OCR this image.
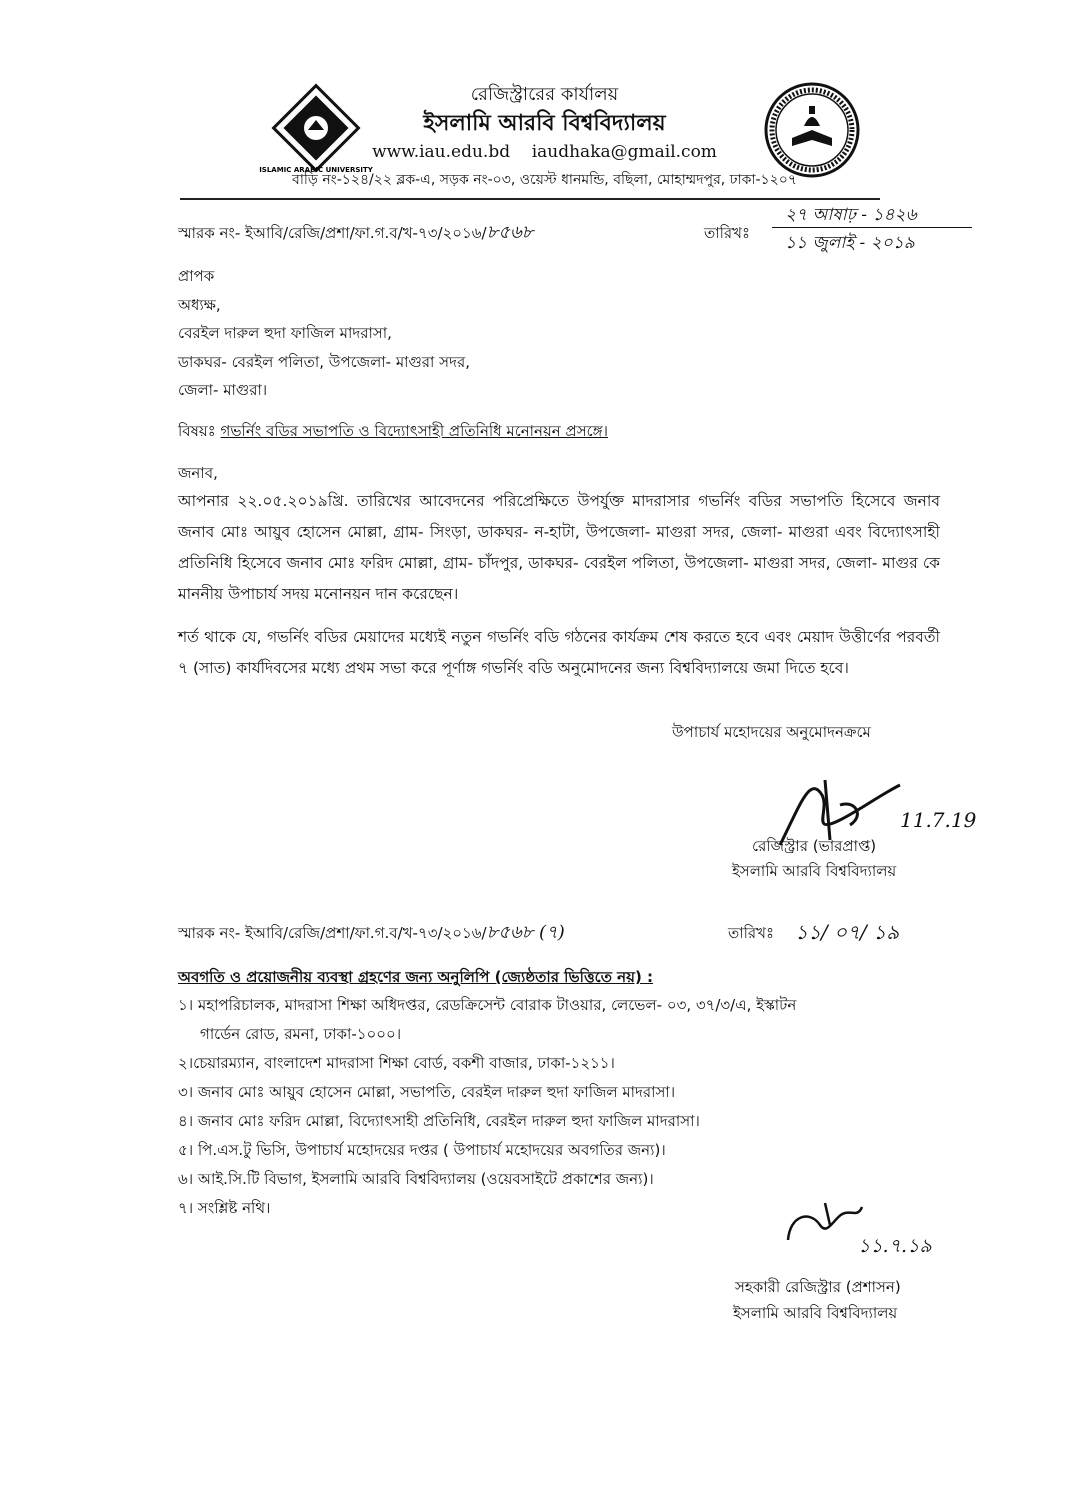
ISLAMIC ARABIC UNIVERSITY
রেজিস্ট্রারের কার্যালয়
ইসলামি আরবি বিশ্ববিদ্যালয়
www.iau.edu.bd    iaudhaka@gmail.com
বাড়ি নং-১২৪/২২ ব্লক-এ, সড়ক নং-০৩, ওয়েস্ট ধানমন্ডি, বছিলা, মোহাম্মদপুর, ঢাকা-১২০৭
স্মারক নং- ইআবি/রেজি/প্রশা/ফা.গ.ব/খ-৭৩/২০১৬/৮৫৬৮	তারিখঃ
২৭ আষাঢ় - ১৪২৬
১১ জুলাই - ২০১৯
প্রাপক
অধ্যক্ষ,
বেরইল দারুল হুদা ফাজিল মাদরাসা,
ডাকঘর- বেরইল পলিতা, উপজেলা- মাগুরা সদর,
জেলা- মাগুরা।
বিষয়ঃ গভর্নিং বডির সভাপতি ও বিদ্যোৎসাহী প্রতিনিধি মনোনয়ন প্রসঙ্গে।
জনাব,
আপনার ২২.০৫.২০১৯খ্রি. তারিখের আবেদনের পরিপ্রেক্ষিতে উপর্যুক্ত মাদরাসার গভর্নিং বডির সভাপতি হিসেবে জনাব জনাব মোঃ আয়ুব হোসেন মোল্লা, গ্রাম- সিংড়া, ডাকঘর- ন-হাটা, উপজেলা- মাগুরা সদর, জেলা- মাগুরা এবং বিদ্যোৎসাহী প্রতিনিধি হিসেবে জনাব মোঃ ফরিদ মোল্লা, গ্রাম- চাঁদপুর, ডাকঘর- বেরইল পলিতা, উপজেলা- মাগুরা সদর, জেলা- মাগুর কে মাননীয় উপাচার্য সদয় মনোনয়ন দান করেছেন।
শর্ত থাকে যে, গভর্নিং বডির মেয়াদের মধ্যেই নতুন গভর্নিং বডি গঠনের কার্যক্রম শেষ করতে হবে এবং মেয়াদ উত্তীর্ণের পরবর্তী ৭ (সাত) কার্যদিবসের মধ্যে প্রথম সভা করে পূর্ণাঙ্গ গভর্নিং বডি অনুমোদনের জন্য বিশ্ববিদ্যালয়ে জমা দিতে হবে।
উপাচার্য মহোদয়ের অনুমোদনক্রমে
11.7.19
রেজিস্ট্রার (ভারপ্রাপ্ত)
ইসলামি আরবি বিশ্ববিদ্যালয়
স্মারক নং- ইআবি/রেজি/প্রশা/ফা.গ.ব/খ-৭৩/২০১৬/৮৫৬৮ (৭)	তারিখঃ ১১/ ০৭/ ১৯
অবগতি ও প্রয়োজনীয় ব্যবস্থা গ্রহণের জন্য অনুলিপি (জ্যেষ্ঠতার ভিত্তিতে নয়) :
১। মহাপরিচালক, মাদরাসা শিক্ষা অধিদপ্তর, রেডক্রিসেন্ট বোরাক টাওয়ার, লেভেল- ০৩, ৩৭/৩/এ, ইস্কাটন
গার্ডেন রোড, রমনা, ঢাকা-১০০০।
২।চেয়ারম্যান, বাংলাদেশ মাদরাসা শিক্ষা বোর্ড, বকশী বাজার, ঢাকা-১২১১।
৩। জনাব মোঃ আয়ুব হোসেন মোল্লা, সভাপতি, বেরইল দারুল হুদা ফাজিল মাদরাসা।
৪। জনাব মোঃ ফরিদ মোল্লা, বিদ্যোৎসাহী প্রতিনিধি, বেরইল দারুল হুদা ফাজিল মাদরাসা।
৫। পি.এস.টু ভিসি, উপাচার্য মহোদয়ের দপ্তর ( উপাচার্য মহোদয়ের অবগতির জন্য)।
৬। আই.সি.টি বিভাগ, ইসলামি আরবি বিশ্ববিদ্যালয় (ওয়েবসাইটে প্রকাশের জন্য)।
৭। সংশ্লিষ্ট নথি।
১১.৭.১৯
সহকারী রেজিস্ট্রার (প্রশাসন)
ইসলামি আরবি বিশ্ববিদ্যালয়
